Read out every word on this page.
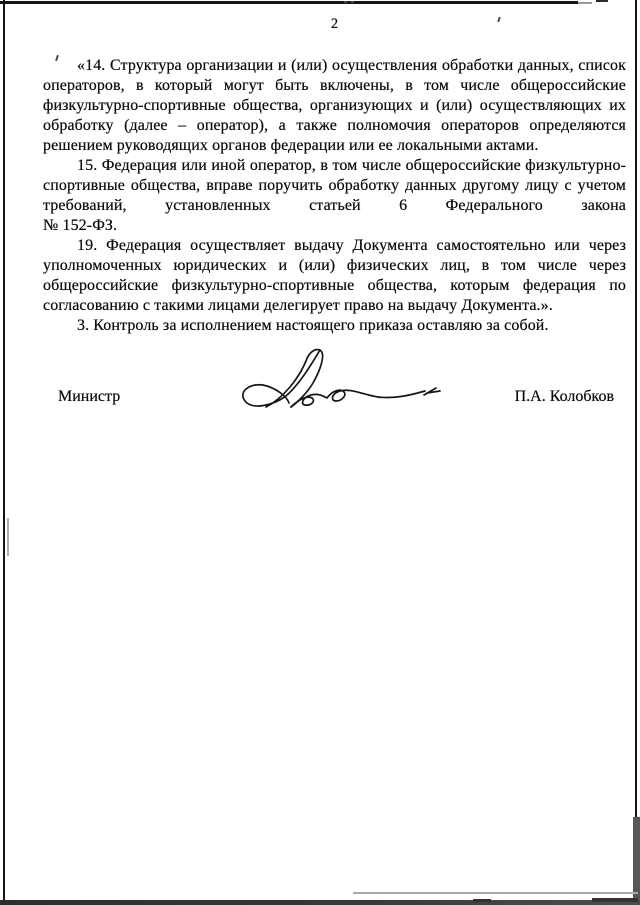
2
«14. Структура организации и (или) осуществления обработки данных, список
операторов, в который могут быть включены, в том числе общероссийские
физкультурно-спортивные общества, организующих и (или) осуществляющих их
обработку (далее – оператор), а также полномочия операторов определяются
решением руководящих органов федерации или ее локальными актами.
15. Федерация или иной оператор, в том числе общероссийские физкультурно-
спортивные общества, вправе поручить обработку данных другому лицу с учетом
требований, установленных статьей 6 Федерального закона
№ 152-ФЗ.
19. Федерация осуществляет выдачу Документа самостоятельно или через
уполномоченных юридических и (или) физических лиц, в том числе через
общероссийские физкультурно-спортивные общества, которым федерация по
согласованию с такими лицами делегирует право на выдачу Документа.».
3. Контроль за исполнением настоящего приказа оставляю за собой.
Министр	П.А. Колобков
